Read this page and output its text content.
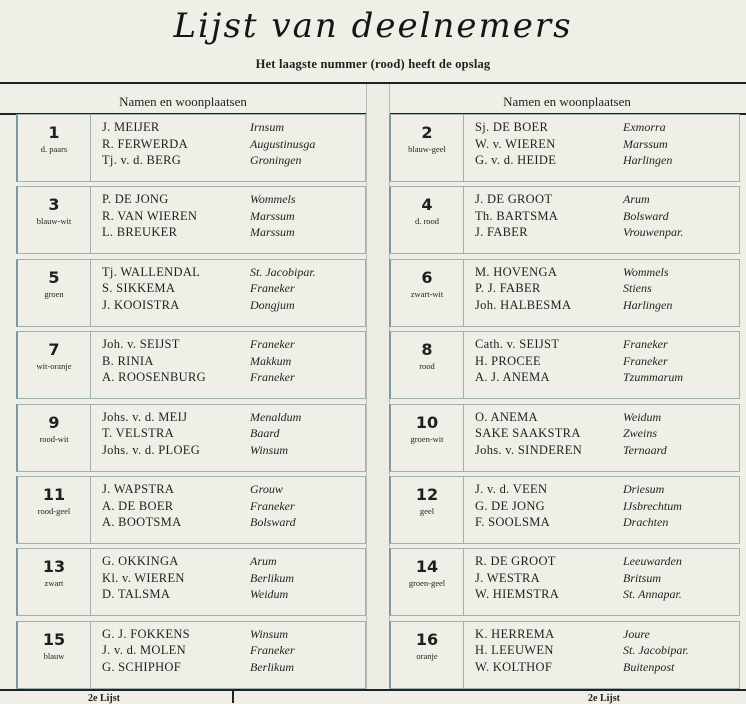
Lijst van deelnemers
Het laagste nummer (rood) heeft de opslag
Namen en woonplaatsen	Namen en woonplaatsen
1
d. paars
J. MEIJER	Irnsum
R. FERWERDA	Augustinusga
Tj. v. d. BERG	Groningen
3
blauw-wit
P. DE JONG	Wommels
R. VAN WIEREN	Marssum
L. BREUKER	Marssum
5
groen
Tj. WALLENDAL	St. Jacobipar.
S. SIKKEMA	Franeker
J. KOOISTRA	Dongjum
7
wit-oranje
Joh. v. SEIJST	Franeker
B. RINIA	Makkum
A. ROOSENBURG	Franeker
9
rood-wit
Johs. v. d. MEIJ	Menaldum
T. VELSTRA	Baard
Johs. v. d. PLOEG	Winsum
11
rood-geel
J. WAPSTRA	Grouw
A. DE BOER	Franeker
A. BOOTSMA	Bolsward
13
zwart
G. OKKINGA	Arum
Kl. v. WIEREN	Berlikum
D. TALSMA	Weidum
15
blauw
G. J. FOKKENS	Winsum
J. v. d. MOLEN	Franeker
G. SCHIPHOF	Berlikum
2
blauw-geel
Sj. DE BOER	Exmorra
W. v. WIEREN	Marssum
G. v. d. HEIDE	Harlingen
4
d. rood
J. DE GROOT	Arum
Th. BARTSMA	Bolsward
J. FABER	Vrouwenpar.
6
zwart-wit
M. HOVENGA	Wommels
P. J. FABER	Stiens
Joh. HALBESMA	Harlingen
8
rood
Cath. v. SEIJST	Franeker
H. PROCEE	Franeker
A. J. ANEMA	Tzummarum
10
groen-wit
O. ANEMA	Weidum
SAKE SAAKSTRA	Zweins
Johs. v. SINDEREN	Ternaard
12
geel
J. v. d. VEEN	Driesum
G. DE JONG	IJsbrechtum
F. SOOLSMA	Drachten
14
groen-geel
R. DE GROOT	Leeuwarden
J. WESTRA	Britsum
W. HIEMSTRA	St. Annapar.
16
oranje
K. HERREMA	Joure
H. LEEUWEN	St. Jacobipar.
W. KOLTHOF	Buitenpost
2e Lijst	2e Lijst
